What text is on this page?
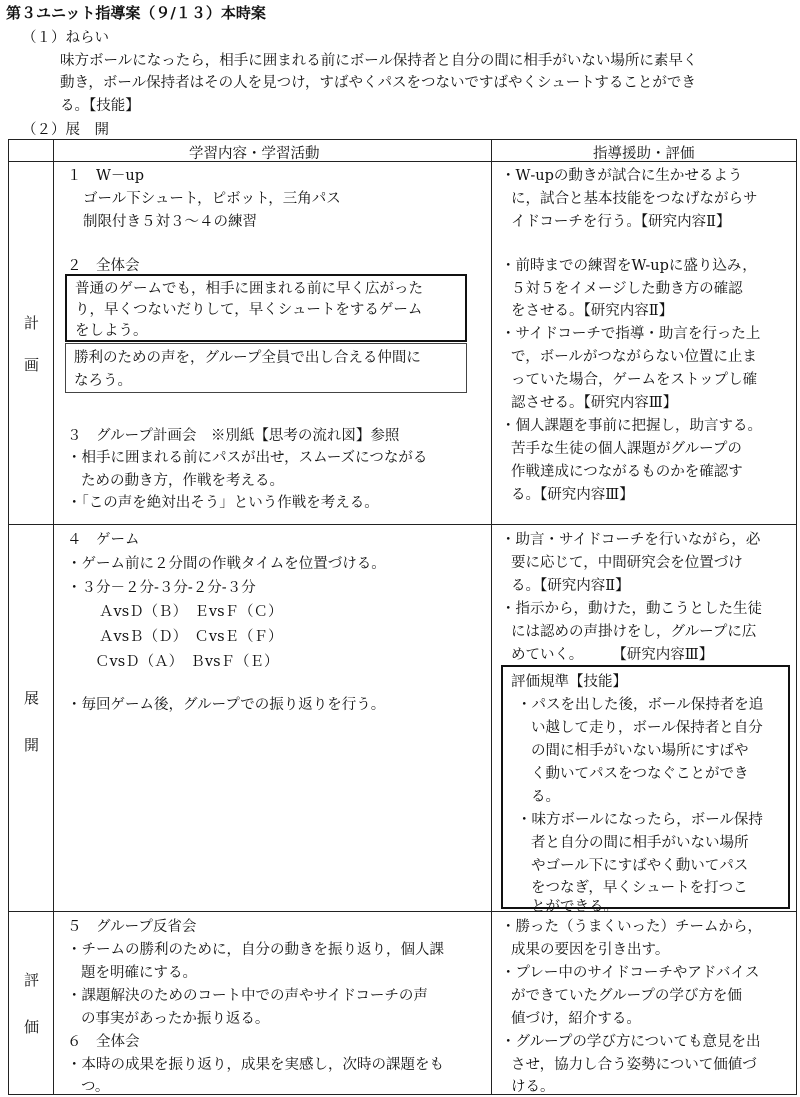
第３ユニット指導案（９/１３）本時案
（１）ねらい
味方ボールになったら，相手に囲まれる前にボール保持者と自分の間に相手がいない場所に素早く
動き，ボール保持者はその人を見つけ，すばやくパスをつないですばやくシュートすることができ
る。【技能】
（２）展　開
学習内容・学習活動	指導援助・評価
計
画
展
開
評
価
１　W－up
ゴール下シュート，ピボット，三角パス
制限付き５対３～４の練習
２　全体会
普通のゲームでも，相手に囲まれる前に早く広がった
り，早くつないだりして，早くシュートをするゲーム
をしよう。
勝利のための声を，グループ全員で出し合える仲間に
なろう。
３　グループ計画会　※別紙【思考の流れ図】参照
・相手に囲まれる前にパスが出せ，スムーズにつながる
ための動き方，作戦を考える。
・「この声を絶対出そう」という作戦を考える。
・W‐upの動きが試合に生かせるよう
に，試合と基本技能をつなげながらサ
イドコーチを行う。【研究内容Ⅱ】
・前時までの練習をW-upに盛り込み，
５対５をイメージした動き方の確認
をさせる。【研究内容Ⅱ】
・サイドコーチで指導・助言を行った上
で，ボールがつながらない位置に止ま
っていた場合，ゲームをストップし確
認させる。【研究内容Ⅲ】
・個人課題を事前に把握し，助言する。
苦手な生徒の個人課題がグループの
作戦達成につながるものかを確認す
る。【研究内容Ⅲ】
４　ゲーム
・ゲーム前に２分間の作戦タイムを位置づける。
・３分－２分-３分-２分-３分
ＡvsＤ（Ｂ）　ＥvsＦ（Ｃ）
ＡvsＢ（Ｄ）　ＣvsＥ（Ｆ）
ＣvsＤ（Ａ）　ＢvsＦ（Ｅ）
・毎回ゲーム後，グループでの振り返りを行う。
・助言・サイドコーチを行いながら，必
要に応じて，中間研究会を位置づけ
る。【研究内容Ⅱ】
・指示から，動けた，動こうとした生徒
には認めの声掛けをし，グループに広
めていく。　　　【研究内容Ⅲ】
評価規準【技能】
・パスを出した後，ボール保持者を追
い越して走り，ボール保持者と自分
の間に相手がいない場所にすばや
く動いてパスをつなぐことができ
る。
・味方ボールになったら，ボール保持
者と自分の間に相手がいない場所
やゴール下にすばやく動いてパス
をつなぎ，早くシュートを打つこ
とができる。
５　グループ反省会
・チームの勝利のために，自分の動きを振り返り，個人課
題を明確にする。
・課題解決のためのコート中での声やサイドコーチの声
の事実があったか振り返る。
６　全体会
・本時の成果を振り返り，成果を実感し，次時の課題をも
つ。
・勝った（うまくいった）チームから，
成果の要因を引き出す。
・プレー中のサイドコーチやアドバイス
ができていたグループの学び方を価
値づけ，紹介する。
・グループの学び方についても意見を出
させ，協力し合う姿勢について価値づ
ける。
